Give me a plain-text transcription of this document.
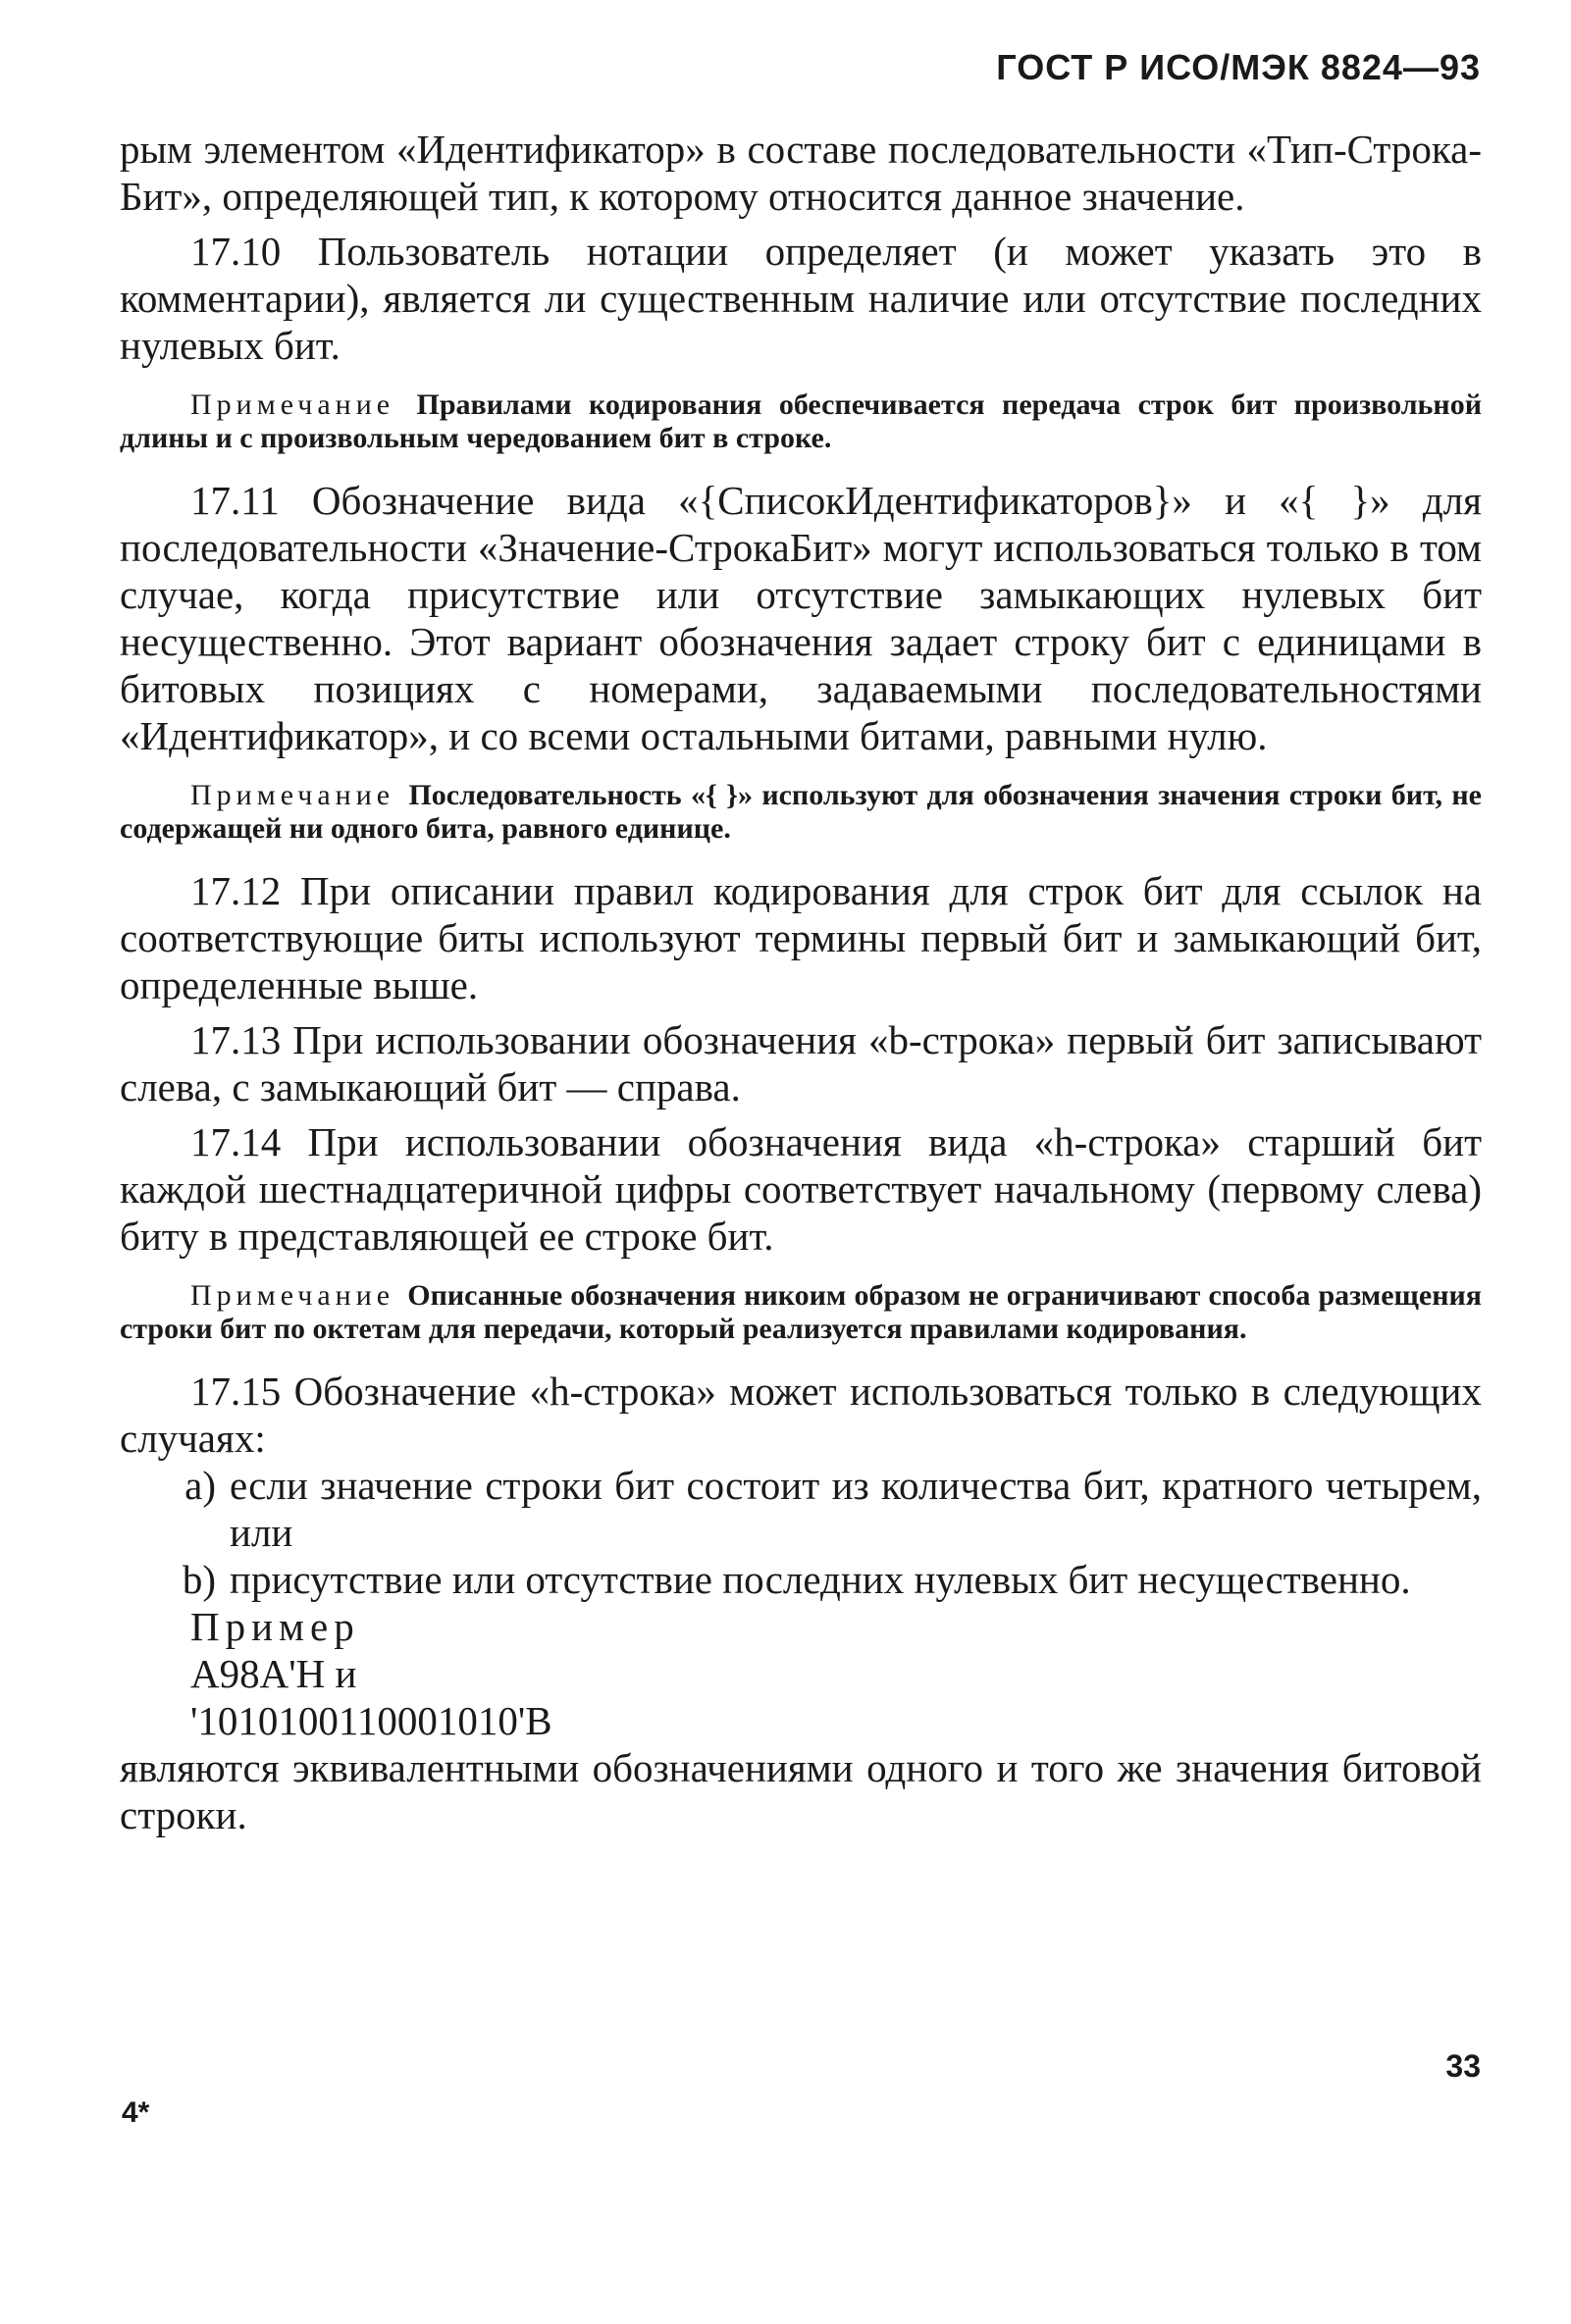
ГОСТ Р ИСО/МЭК 8824—93

рым элементом «Идентификатор» в составе последовательности «Тип-Строка-Бит», определяющей тип, к которому относится данное значение.

17.10 Пользователь нотации определяет (и может указать это в комментарии), является ли существенным наличие или отсутствие последних нулевых бит.

Примечание Правилами кодирования обеспечивается передача строк бит произвольной длины и с произвольным чередованием бит в строке.

17.11 Обозначение вида «{СписокИдентификаторов}» и «{ }» для последовательности «Значение-СтрокаБит» могут использоваться только в том случае, когда присутствие или отсутствие замыкающих нулевых бит несущественно. Этот вариант обозначения задает строку бит с единицами в битовых позициях с номерами, задаваемыми последовательностями «Идентификатор», и со всеми остальными битами, равными нулю.

Примечание Последовательность «{ }» используют для обозначения значения строки бит, не содержащей ни одного бита, равного единице.

17.12 При описании правил кодирования для строк бит для ссылок на соответствующие биты используют термины первый бит и замыкающий бит, определенные выше.

17.13 При использовании обозначения «b-строка» первый бит записывают слева, с замыкающий бит — справа.

17.14 При использовании обозначения вида «h-строка» старший бит каждой шестнадцатеричной цифры соответствует начальному (первому слева) биту в представляющей ее строке бит.

Примечание Описанные обозначения никоим образом не ограничивают способа размещения строки бит по октетам для передачи, который реализуется правилами кодирования.

17.15 Обозначение «h-строка» может использоваться только в следующих случаях:

a) если значение строки бит состоит из количества бит, кратного четырем, или
b) присутствие или отсутствие последних нулевых бит несущественно.

Пример

A98A'H и

'1010100110001010'B

являются эквивалентными обозначениями одного и того же значения битовой строки.

33
4*
